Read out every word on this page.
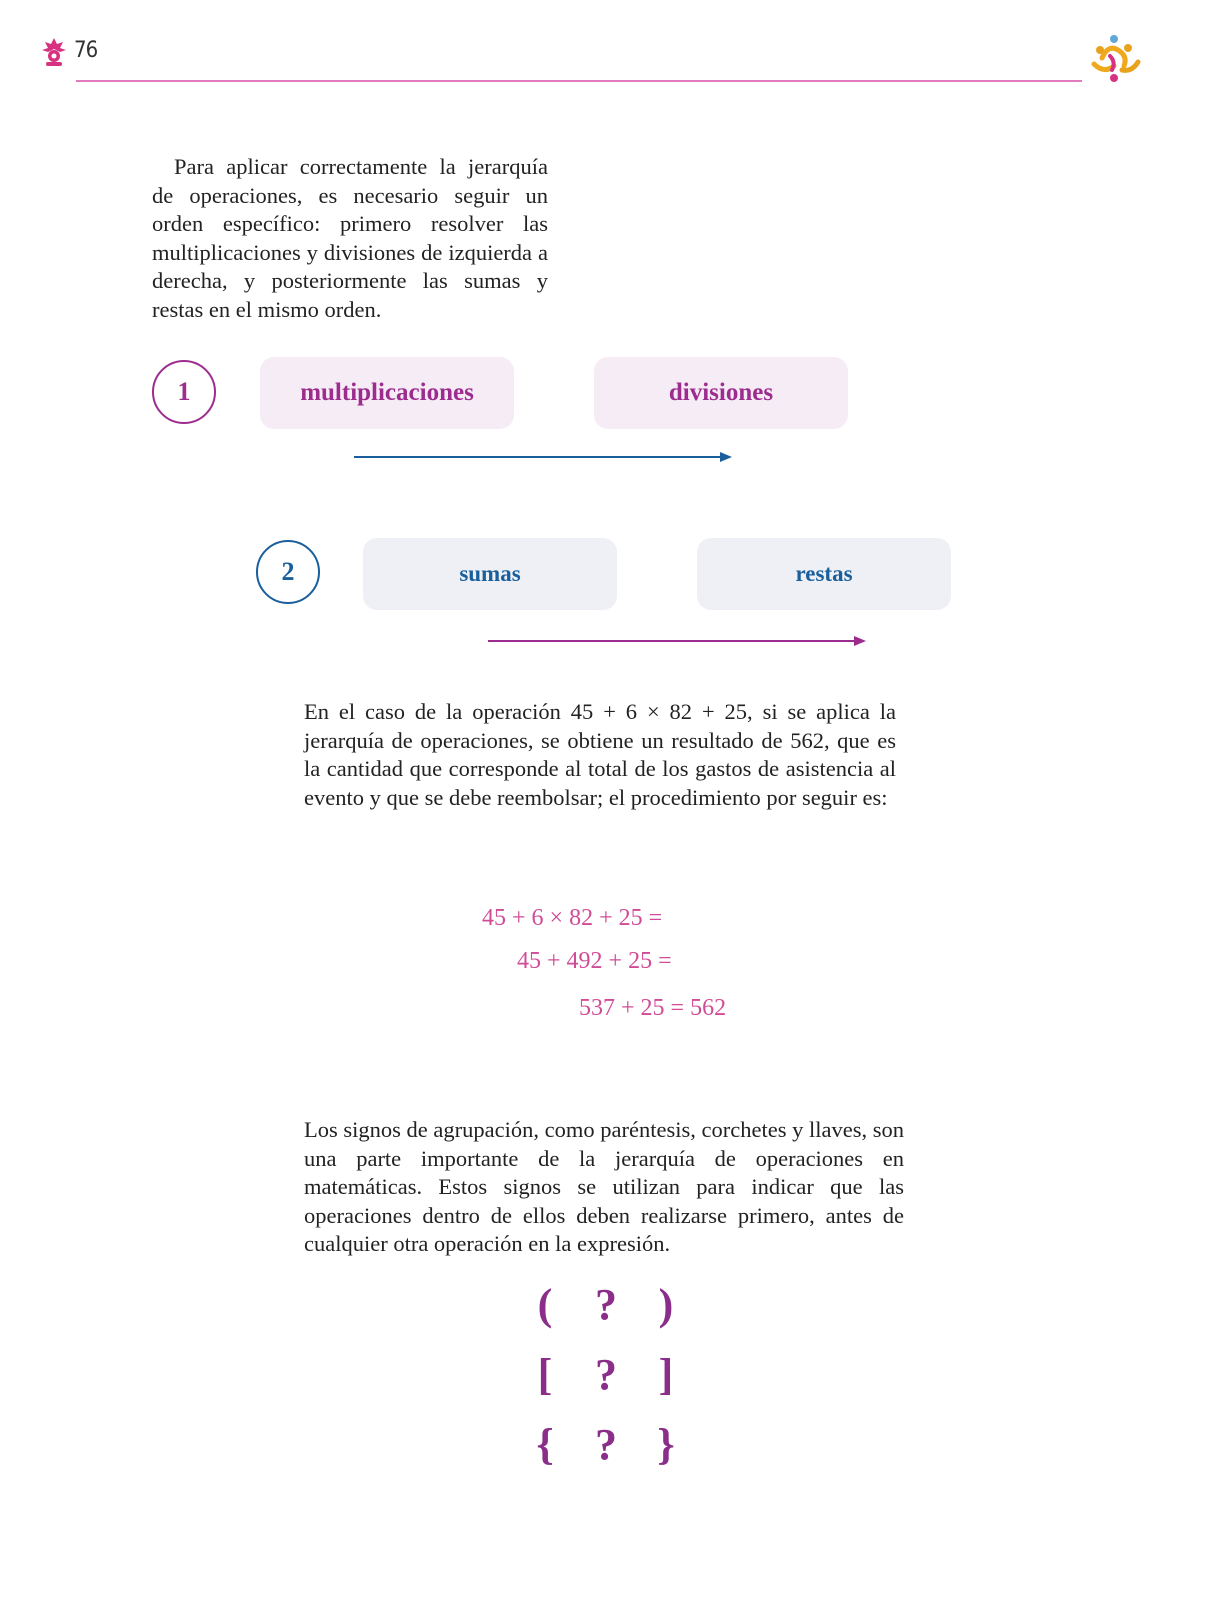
76

Para aplicar correctamente la jerarquía de operaciones, es necesario seguir un orden específico: primero resolver las multiplicaciones y divisiones de izquierda a derecha, y posteriormente las sumas y restas en el mismo orden.

1	multiplicaciones	divisiones
2	sumas	restas

En el caso de la operación 45 + 6 × 82 + 25, si se aplica la jerarquía de operaciones, se obtiene un resultado de 562, que es la cantidad que corresponde al total de los gastos de asistencia al evento y que se debe reembolsar; el procedimiento por seguir es:

45 + 6 × 82 + 25 =
45 + 492 + 25 =
537 + 25 = 562

Los signos de agrupación, como paréntesis, corchetes y llaves, son una parte importante de la jerarquía de operaciones en matemáticas. Estos signos se utilizan para indicar que las operaciones dentro de ellos deben realizarse primero, antes de cualquier otra operación en la expresión.

( ? )
[ ? ]
{ ? }
